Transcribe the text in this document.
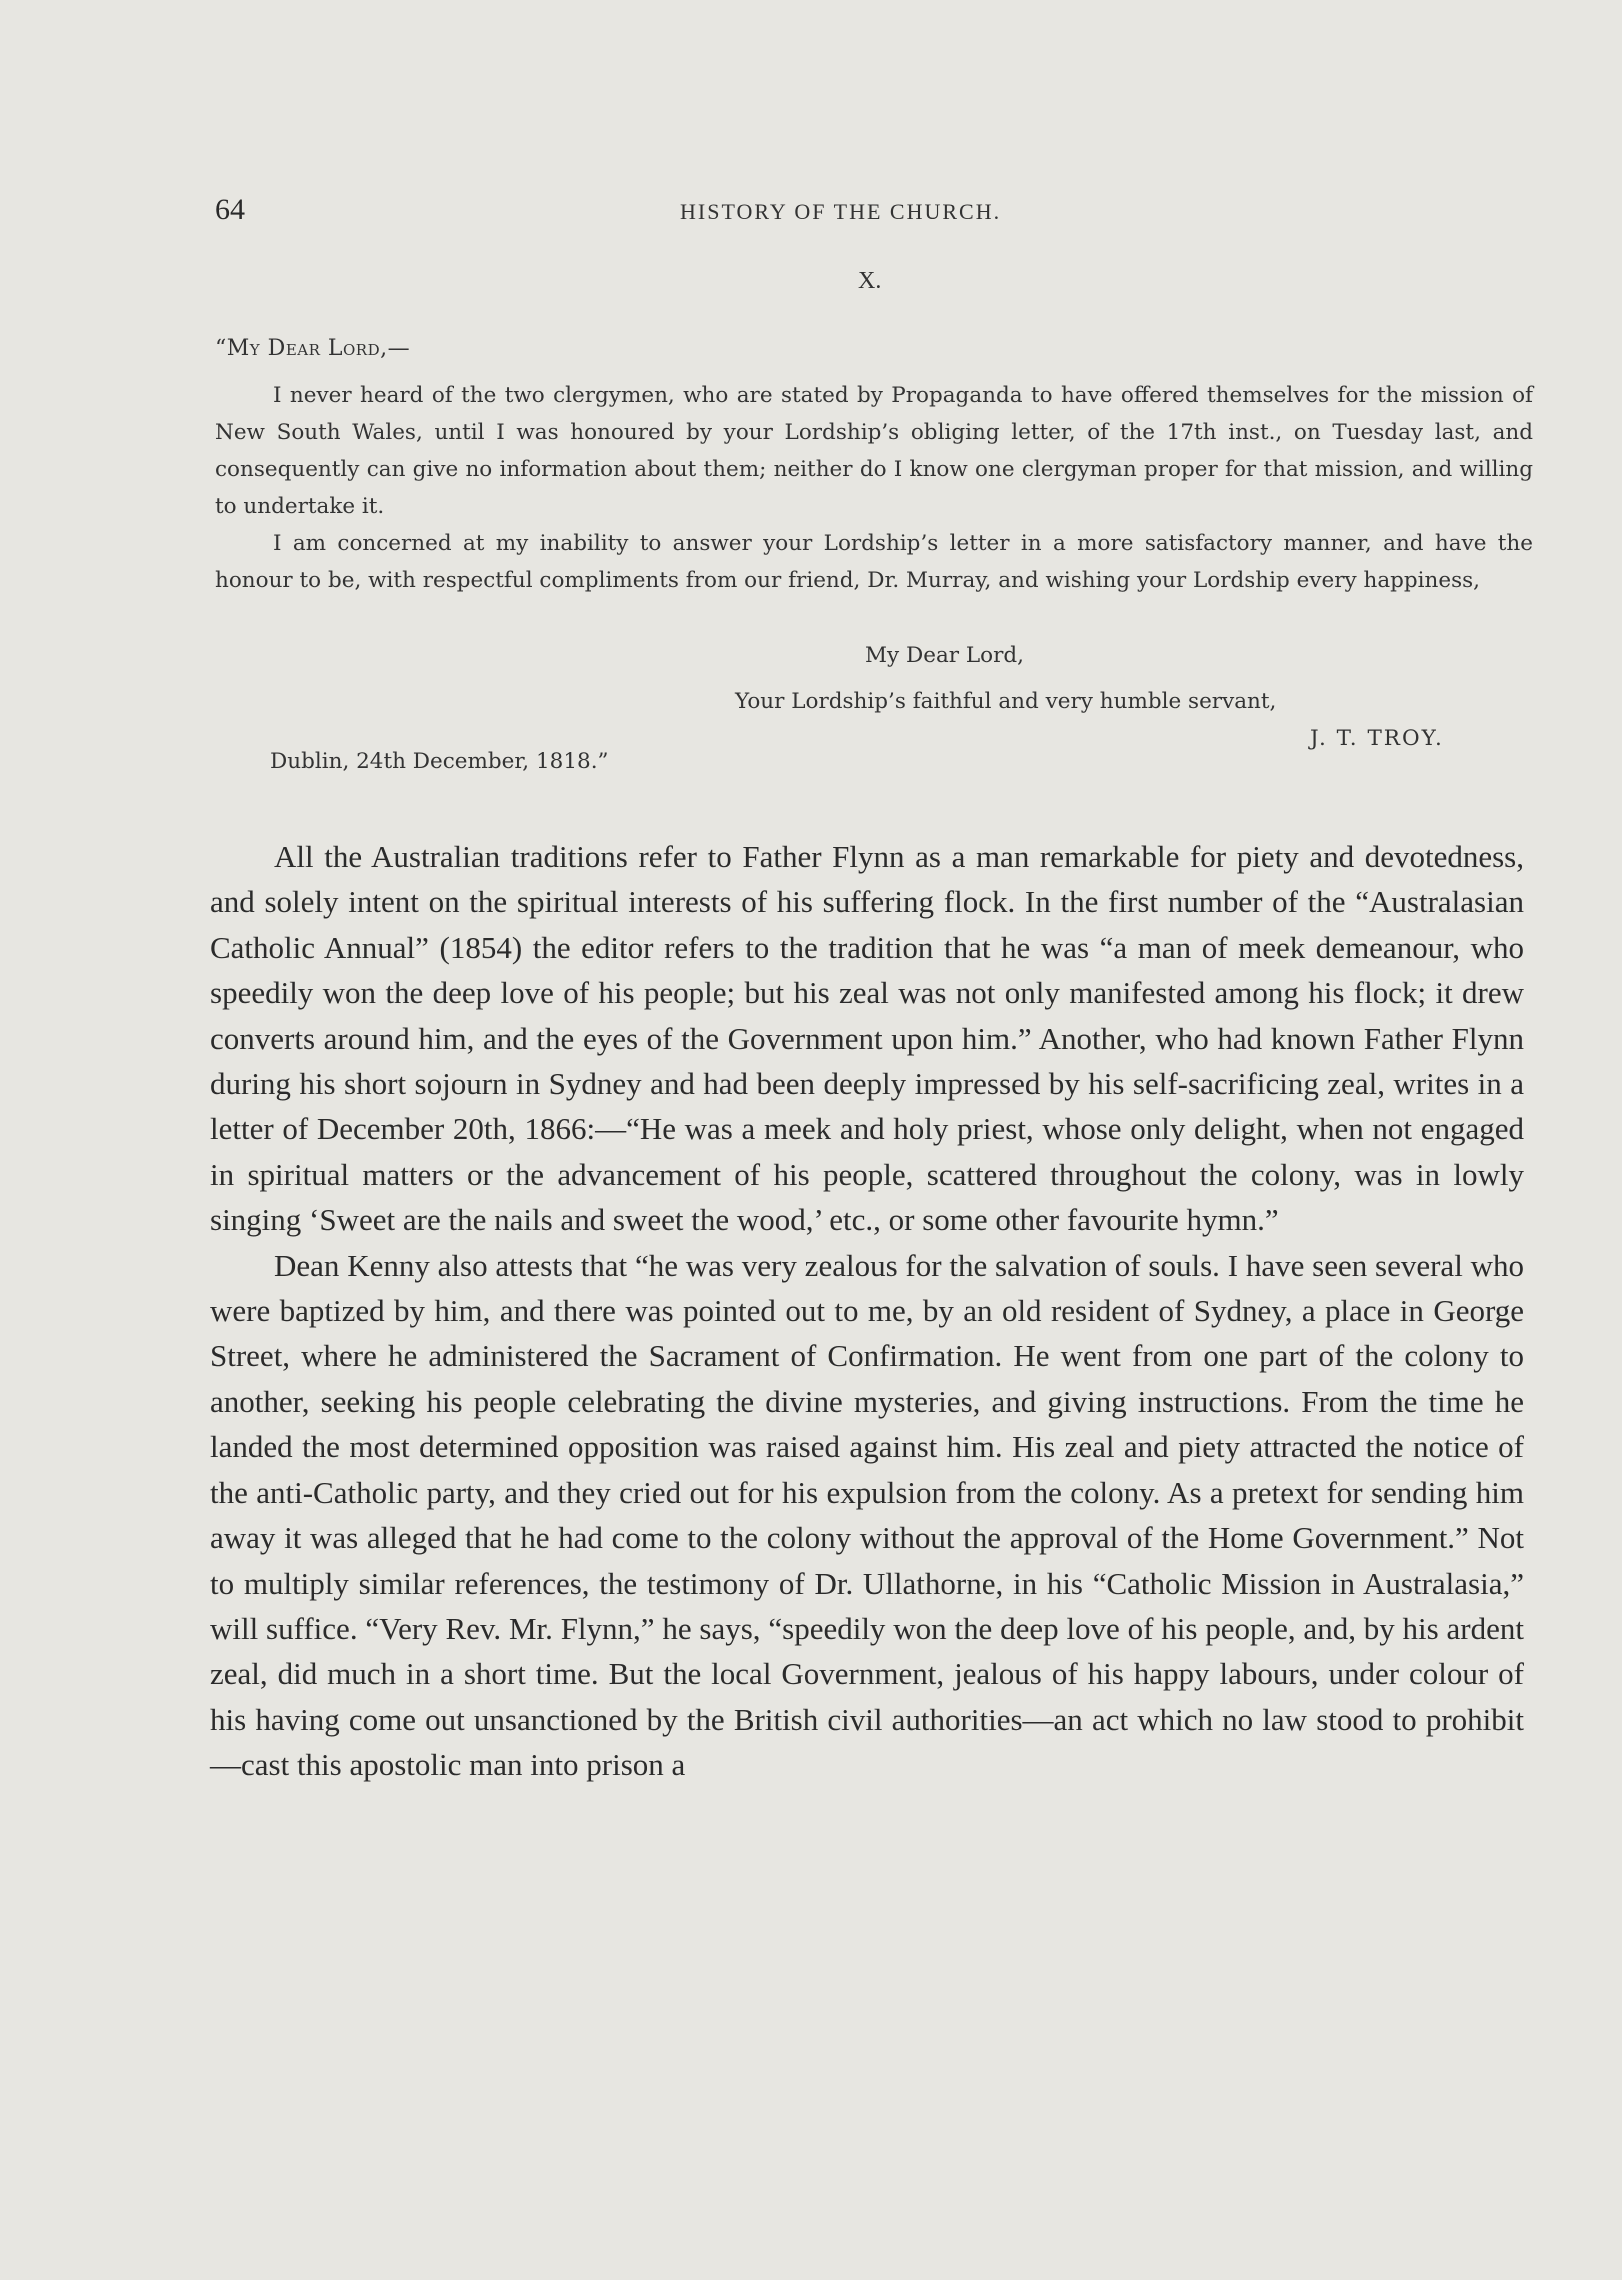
64	HISTORY OF THE CHURCH.
X.
“My Dear Lord,—

I never heard of the two clergymen, who are stated by Propaganda to have offered themselves for the mission of New South Wales, until I was honoured by your Lordship’s obliging letter, of the 17th inst., on Tuesday last, and consequently can give no information about them; neither do I know one clergyman proper for that mission, and willing to undertake it.

I am concerned at my inability to answer your Lordship’s letter in a more satisfactory manner, and have the honour to be, with respectful compliments from our friend, Dr. Murray, and wishing your Lordship every happiness,

My Dear Lord,
Your Lordship’s faithful and very humble servant,
J. T. TROY.
Dublin, 24th December, 1818.”

All the Australian traditions refer to Father Flynn as a man remarkable for piety and devotedness, and solely intent on the spiritual interests of his suffering flock. In the first number of the “Australasian Catholic Annual” (1854) the editor refers to the tradition that he was “a man of meek demeanour, who speedily won the deep love of his people; but his zeal was not only manifested among his flock; it drew converts around him, and the eyes of the Government upon him.” Another, who had known Father Flynn during his short sojourn in Sydney and had been deeply impressed by his self-sacrificing zeal, writes in a letter of December 20th, 1866:—“He was a meek and holy priest, whose only delight, when not engaged in spiritual matters or the advancement of his people, scattered throughout the colony, was in lowly singing ‘Sweet are the nails and sweet the wood,’ etc., or some other favourite hymn.”

Dean Kenny also attests that “he was very zealous for the salvation of souls. I have seen several who were baptized by him, and there was pointed out to me, by an old resident of Sydney, a place in George Street, where he administered the Sacrament of Confirmation. He went from one part of the colony to another, seeking his people celebrating the divine mysteries, and giving instructions. From the time he landed the most determined opposition was raised against him. His zeal and piety attracted the notice of the anti-Catholic party, and they cried out for his expulsion from the colony. As a pretext for sending him away it was alleged that he had come to the colony without the approval of the Home Government.” Not to multiply similar references, the testimony of Dr. Ullathorne, in his “Catholic Mission in Australasia,” will suffice. “Very Rev. Mr. Flynn,” he says, “speedily won the deep love of his people, and, by his ardent zeal, did much in a short time. But the local Government, jealous of his happy labours, under colour of his having come out unsanctioned by the British civil authorities—an act which no law stood to prohibit—cast this apostolic man into prison a
